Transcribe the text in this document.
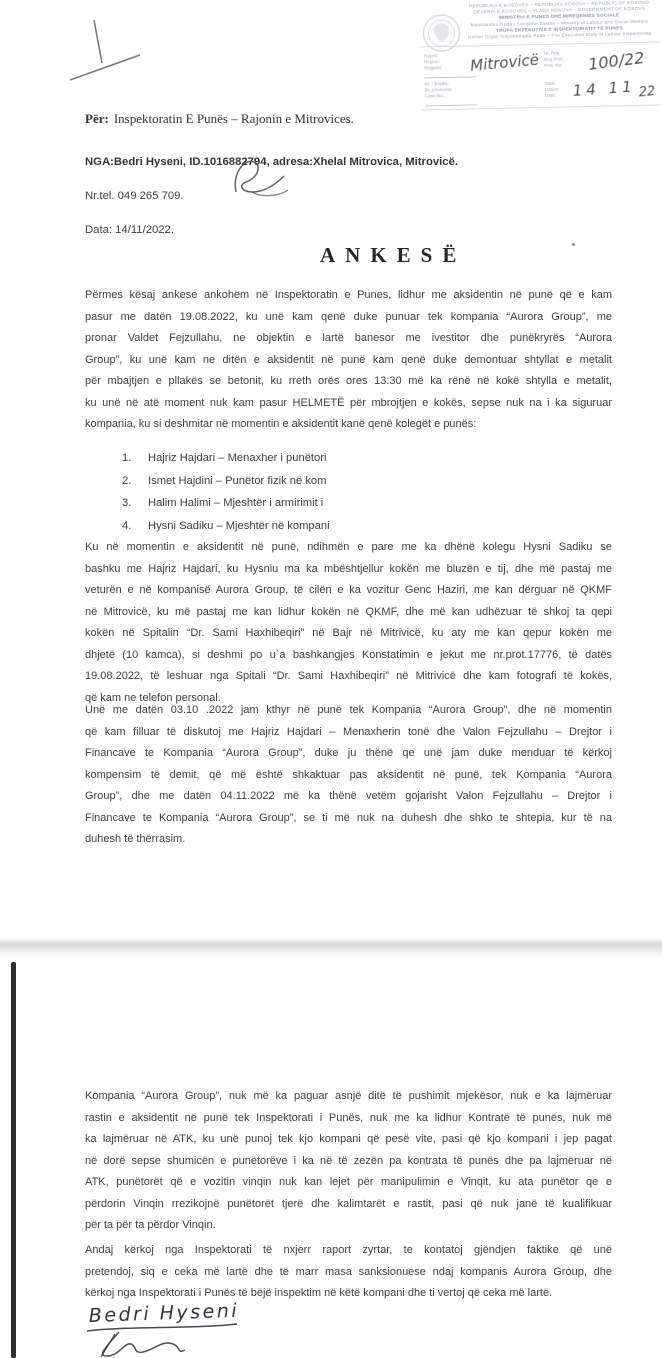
REPUBLIKA E KOSOVËS – REPUBLIKA KOSOVA – REPUBLIC OF KOSOVO
QEVERIA E KOSOVËS – VLADA KOSOVA – GOVERNMENT OF KOSOVA
MINISTRIA E PUNËS DHE MIRËQENIES SOCIALE
Ministarstvo Rada i Socijalne Zaštite – Ministry of Labour and Social Welfare
TRUPA EKZEKUTIVE E INSPEKTORIATIT TË PUNËS
Izvršni Organ Inspektorijata Rada – The Executive Body of Labour Inspectorate
Rajoni:
Region:
Regjioni:
Nr. i lëndës:
Br. predmeta:
Case No:
Nr. Prot.
Broj Prot.
Prot. No:
Data:
Datum:
Date:
Mitrovicë	100/22
14 11 22
Për: Inspektoratin E Punës – Rajonin e Mitrovices.
NGA:Bedri Hyseni, ID.1016882794, adresa:Xhelal Mitrovica, Mitrovicë.
Nr.tel. 049 265 709.
Data: 14/11/2022.
ANKESË
Përmes kësaj ankese ankohëm në Inspektoratin e Punes, lidhur me aksidentin në punë që e kam
pasur me datën 19.08.2022, ku unë kam qenë duke punuar tek kompania “Aurora Group”, me
pronar Valdet Fejzullahu, ne objektin e lartë banesor me ivestitor dhe punëkryrës “Aurora
Group”, ku unë kam ne ditën e aksidentit në punë kam qenë duke demontuar shtyllat e metalit
për mbajtjen e pllakës se betonit, ku rreth orës ores 13:30 më ka rënë në kokë shtylla e metalit,
ku unë në atë moment nuk kam pasur HELMETË për mbrojtjen e kokës, sepse nuk na i ka siguruar
kompania, ku si deshmitar në momentin e aksidentit kanë qenë kolegët e punës:
1.	Hajriz Hajdari – Menaxher i punëtori
2.	Ismet Hajdini – Punëtor fizik në kom
3.	Halim Halimi – Mjeshtër i armirimit i
4.	Hysni Sadiku – Mjeshtër në kompani
Ku në momentin e aksidentit në punë, ndihmën e pare me ka dhënë kolegu Hysni Sadiku se
bashku me Hajriz Hajdari, ku Hysniu ma ka mbështjellur kokën me bluzën e tij, dhe më pastaj me
veturën e në kompanisë Aurora Group, të cilën e ka vozitur Genc Haziri, me kan dërguar në QKMF
në Mitrovicë, ku më pastaj me kan lidhur kokën në QKMF, dhe më kan udhëzuar të shkoj ta qepi
kokën në Spitalin “Dr. Sami Haxhibeqiri” në Bajr në Mitrivicë, ku aty me kan qepur kokën me
dhjetë (10 kamca), si deshmi po u`a bashkangjes Konstatimin e jekut me nr.prot.17776, të datës
19.08.2022, të leshuar nga Spitali “Dr. Sami Haxhibeqiri” në Mitrivicë dhe kam fotografi të kokës,
që kam ne telefon personal.
Unë me datën 03.10 .2022 jam kthyr në punë tek Kompania “Aurora Group”, dhe në momentin
që kam filluar të diskutoj me Hajriz Hajdari – Menaxherin tonë dhe Valon Fejzullahu – Drejtor i
Financave te Kompania “Aurora Group”, duke ju thënë qe unë jam duke menduar të kërkoj
kompensim të demit, që më është shkaktuar pas aksidentit në punë, tek Kompania “Aurora
Group”, dhe me datën 04.11.2022 më ka thënë vetëm gojarisht Valon Fejzullahu – Drejtor i
Financave te Kompania “Aurora Group”, se ti më nuk na duhesh dhe shko te shtepia, kur të na
duhesh të thërrasim.
Kompania “Aurora Group”, nuk më ka paguar asnjë ditë të pushimit mjekësor, nuk e ka lajmëruar
rastin e aksidentit në punë tek Inspektorati i Punës, nuk me ka lidhur Kontratë të punës, nuk më
ka lajmëruar në ATK, ku unë punoj tek kjo kompani që pesë vite, pasi që kjo kompani i jep pagat
në dorë sepse shumicën e punëtorëve i ka në të zezën pa kontrata të punës dhe pa lajmëruar në
ATK, punëtorët që e vozitin vinqin nuk kan lejet për manipulimin e Vinqit, ku ata punëtor qe e
përdorin Vinqin rrezikojnë punëtorët tjerë dhe kalimtarët e rastit, pasi që nuk janë të kualifikuar
për ta për ta përdor Vinqin.
Andaj kërkoj nga Inspektorati të nxjerr raport zyrtar, te kontatoj gjëndjen faktike që unë
pretendoj, siq e ceka më lartë dhe të marr masa sanksionuese ndaj kompanis Aurora Group, dhe
kërkoj nga Inspektorati i Punës të bëjë inspektim në këtë kompani dhe ti vertoj që ceka më lartë.
Bedri Hyseni
